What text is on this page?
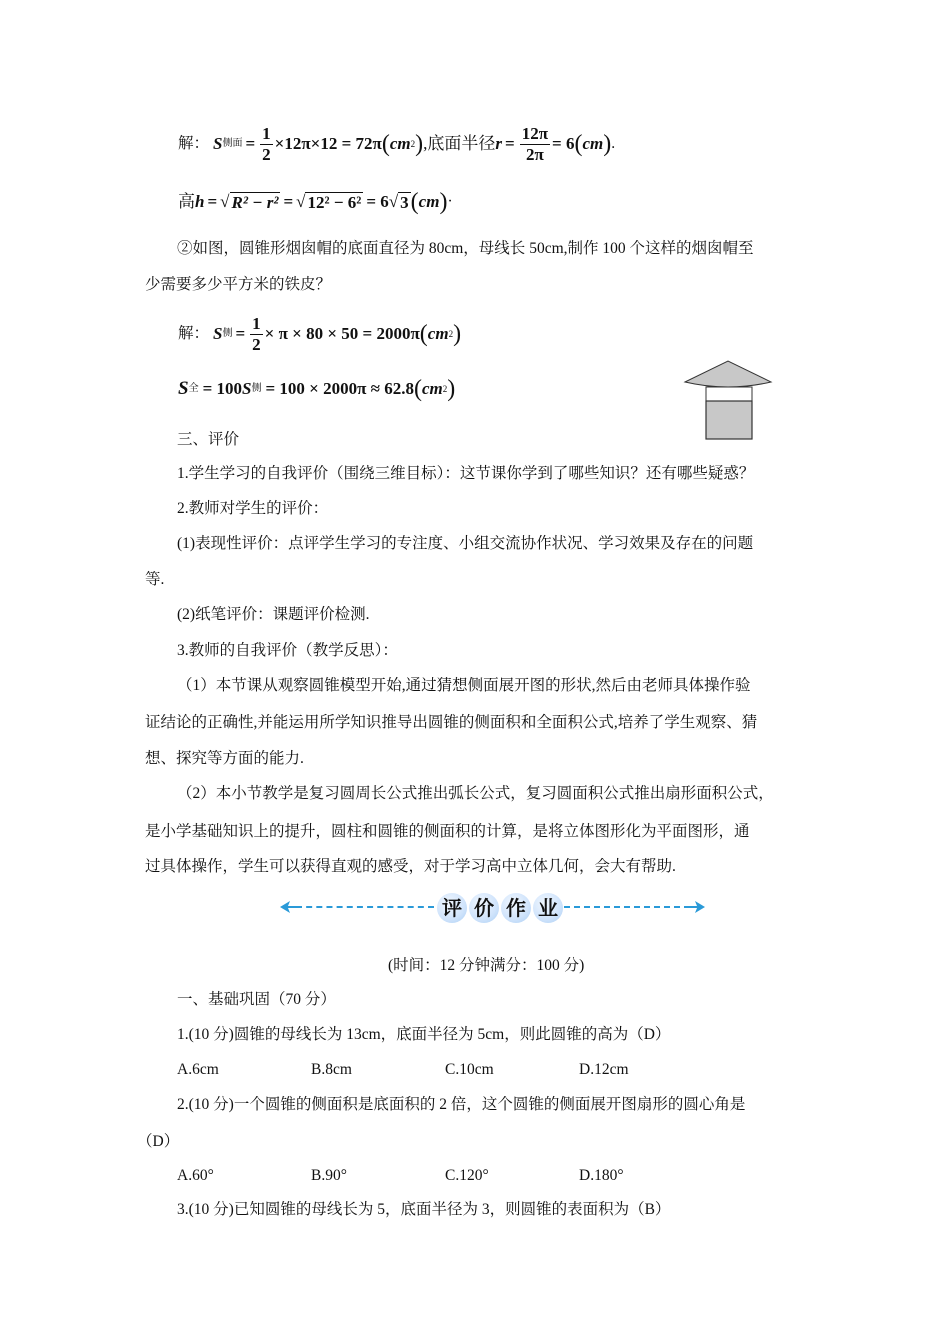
解： S 侧面 = $\frac{1}{2} \times 12\pi\times 12 = 72\pi$ ( cm 2 ) ,底面半径 $r = \frac{12\pi}{2\pi} = 6$ ( cm ) .
高 h = √ R² − r² = √ 12² − 6² = 6 √ 3 ( cm ) ·
②如图，圆锥形烟囱帽的底面直径为 80cm，母线长 50cm,制作 100 个这样的烟囱帽至
少需要多少平方米的铁皮？
解： S 侧 = $\frac{1}{2} \times \pi \times 80 \times 50 = 2000\pi$ ( cm 2 )
S 全 = 100 S 侧 = 100 × 2000π ≈ 62.8 ( cm 2 )
三、评价
1.学生学习的自我评价（围绕三维目标）：这节课你学到了哪些知识？还有哪些疑惑？
2.教师对学生的评价：
(1)表现性评价：点评学生学习的专注度、小组交流协作状况、学习效果及存在的问题
等.
(2)纸笔评价：课题评价检测.
3.教师的自我评价（教学反思）：
（1）本节课从观察圆锥模型开始,通过猜想侧面展开图的形状,然后由老师具体操作验
证结论的正确性,并能运用所学知识推导出圆锥的侧面积和全面积公式,培养了学生观察、猜
想、探究等方面的能力.
（2）本小节教学是复习圆周长公式推出弧长公式，复习圆面积公式推出扇形面积公式，
是小学基础知识上的提升，圆柱和圆锥的侧面积的计算，是将立体图形化为平面图形，通
过具体操作，学生可以获得直观的感受，对于学习高中立体几何，会大有帮助.
评 价 作 业
(时间：12 分钟满分：100 分)
一、基础巩固（70 分）
1.(10 分)圆锥的母线长为 13cm，底面半径为 5cm，则此圆锥的高为（D）
A.6cm	B.8cm	C.10cm	D.12cm
2.(10 分)一个圆锥的侧面积是底面积的 2 倍，这个圆锥的侧面展开图扇形的圆心角是
（D）
A.60°	B.90°	C.120°	D.180°
3.(10 分)已知圆锥的母线长为 5，底面半径为 3，则圆锥的表面积为（B）
